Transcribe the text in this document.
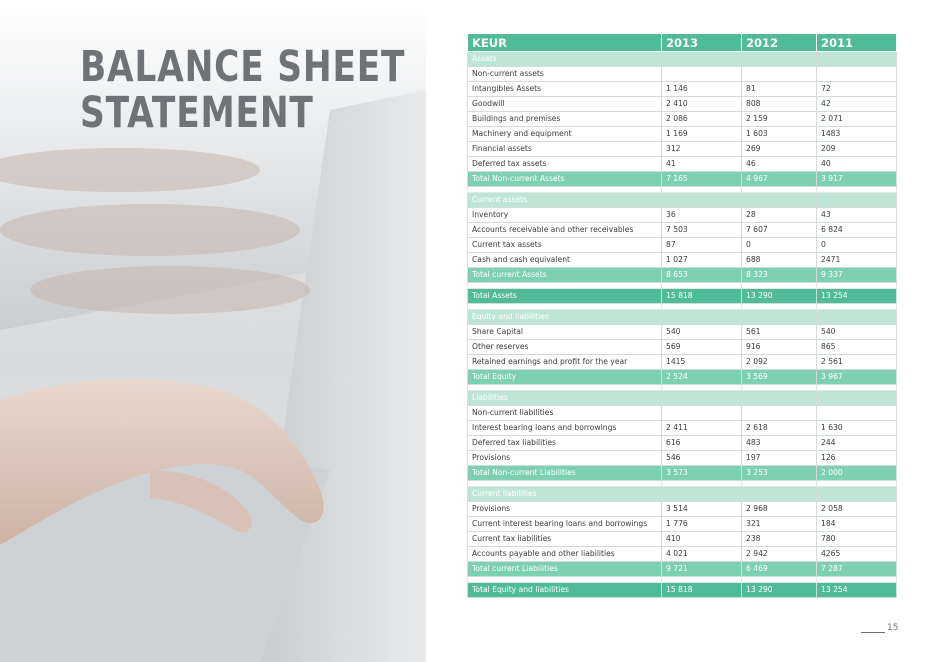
BALANCE SHEET
STATEMENT
KEUR	2013	2012	2011
Assets			
Non-current assets			
Intangibles Assets	1 146	81	72
Goodwill	2 410	808	42
Buildings and premises	2 086	2 159	2 071
Machinery and equipment	1 169	1 603	1483
Financial assets	312	269	209
Deferred tax assets	41	46	40
Total Non-current Assets	7 165	4 967	3 917

Current assets			
Inventory	36	28	43
Accounts receivable and other receivables	7 503	7 607	6 824
Current tax assets	87	0	0
Cash and cash equivalent	1 027	688	2471
Total current Assets	8 653	8 323	9 337

Total Assets	15 818	13 290	13 254

Equity and liabilities			
Share Capital	540	561	540
Other reserves	569	916	865
Retained earnings and profit for the year	1415	2 092	2 561
Total Equity	2 524	3 569	3 967

Liabilities			
Non-current liabilities			
Interest bearing loans and borrowings	2 411	2 618	1 630
Deferred tax liabilities	616	483	244
Provisions	546	197	126
Total Non-current Liabilities	3 573	3 253	2 000

Current liabilities			
Provisions	3 514	2 968	2 058
Current interest bearing loans and borrowings	1 776	321	184
Current tax liabilities	410	238	780
Accounts payable and other liabilities	4 021	2 942	4265
Total current Liabilities	9 721	6 469	7 287

Total Equity and liabilities	15 818	13 290	13 254
15
